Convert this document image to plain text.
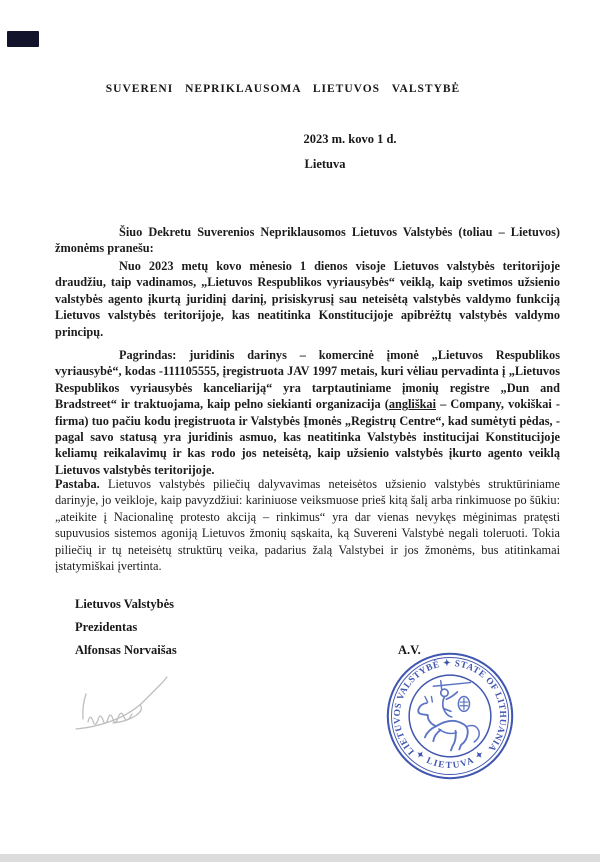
SUVERENI NEPRIKLAUSOMA LIETUVOS VALSTYBĖ
2023 m. kovo 1 d.
Lietuva
Šiuo Dekretu Suverenios Nepriklausomos Lietuvos Valstybės (toliau – Lietuvos) žmonėms pranešu:
Nuo 2023 metų kovo mėnesio 1 dienos visoje Lietuvos valstybės teritorijoje draudžiu, taip vadinamos, „Lietuvos Respublikos vyriausybės“ veiklą, kaip svetimos užsienio valstybės agento įkurtą juridinį darinį, prisiskyrusį sau neteisėtą valstybės valdymo funkciją Lietuvos valstybės teritorijoje, kas neatitinka Konstitucijoje apibrėžtų valstybės valdymo principų.
Pagrindas: juridinis darinys – komercinė įmonė „Lietuvos Respublikos vyriausybė“, kodas -111105555, įregistruota JAV 1997 metais, kuri vėliau pervadinta į „Lietuvos Respublikos vyriausybės kanceliariją“ yra tarptautiniame įmonių registre „Dun and Bradstreet“ ir traktuojama, kaip pelno siekianti organizacija (angliškai – Company, vokiškai - firma) tuo pačiu kodu įregistruota ir Valstybės Įmonės „Registrų Centre“, kad sumėtyti pėdas, - pagal savo statusą yra juridinis asmuo, kas neatitinka Valstybės institucijai Konstitucijoje keliamų reikalavimų ir kas rodo jos neteisėtą, kaip užsienio valstybės įkurto agento veiklą Lietuvos valstybės teritorijoje.
Pastaba. Lietuvos valstybės piliečių dalyvavimas neteisėtos užsienio valstybės struktūriniame darinyje, jo veikloje, kaip pavyzdžiui: kariniuose veiksmuose prieš kitą šalį arba rinkimuose po šūkiu: „ateikite į Nacionalinę protesto akciją – rinkimus“ yra dar vienas nevykęs mėginimas pratęsti supuvusios sistemos agoniją Lietuvos žmonių sąskaita, ką Suvereni Valstybė negali toleruoti. Tokia piliečių ir tų neteisėtų struktūrų veika, padarius žalą Valstybei ir jos žmonėms, bus atitinkamai įstatymiškai įvertinta.
Lietuvos Valstybės
Prezidentas
Alfonsas Norvaišas	A.V.
LIETUVOS VALSTYBĖ ✦ STATE OF LITHUANIA
✦ LIETUVA ✦
